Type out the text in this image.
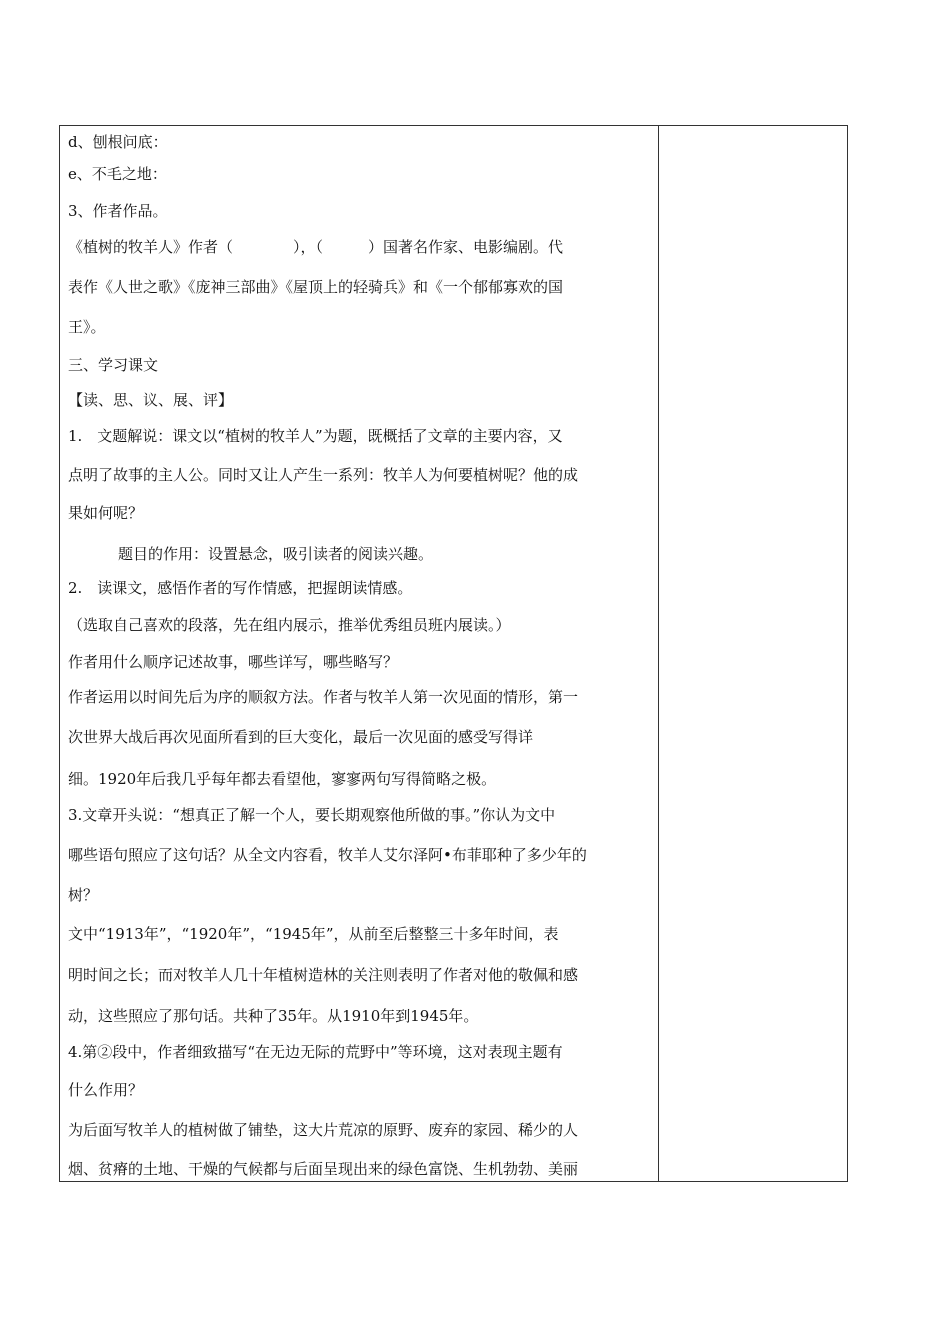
d、刨根问底：
e、不毛之地：
3、作者作品。
《植树的牧羊人》作者（　　　　），（　　　）国著名作家、电影编剧。代
表作《人世之歌》《庞神三部曲》《屋顶上的轻骑兵》和《一个郁郁寡欢的国
王》。
三、学习课文
【读、思、议、展、评】
1.　文题解说：课文以“植树的牧羊人”为题，既概括了文章的主要内容，又
点明了故事的主人公。同时又让人产生一系列：牧羊人为何要植树呢？他的成
果如何呢？
题目的作用：设置悬念，吸引读者的阅读兴趣。
2.　读课文，感悟作者的写作情感，把握朗读情感。
（选取自己喜欢的段落，先在组内展示，推举优秀组员班内展读。）
作者用什么顺序记述故事，哪些详写，哪些略写？
作者运用以时间先后为序的顺叙方法。作者与牧羊人第一次见面的情形，第一
次世界大战后再次见面所看到的巨大变化，最后一次见面的感受写得详
细。1920年后我几乎每年都去看望他，寥寥两句写得简略之极。
3.文章开头说：“想真正了解一个人，要长期观察他所做的事。”你认为文中
哪些语句照应了这句话？从全文内容看，牧羊人艾尔泽阿•布菲耶种了多少年的
树？
文中“1913年”，“1920年”，“1945年”，从前至后整整三十多年时间，表
明时间之长；而对牧羊人几十年植树造林的关注则表明了作者对他的敬佩和感
动，这些照应了那句话。共种了35年。从1910年到1945年。
4.第②段中，作者细致描写“在无边无际的荒野中”等环境，这对表现主题有
什么作用？
为后面写牧羊人的植树做了铺垫，这大片荒凉的原野、废弃的家园、稀少的人
烟、贫瘠的土地、干燥的气候都与后面呈现出来的绿色富饶、生机勃勃、美丽
